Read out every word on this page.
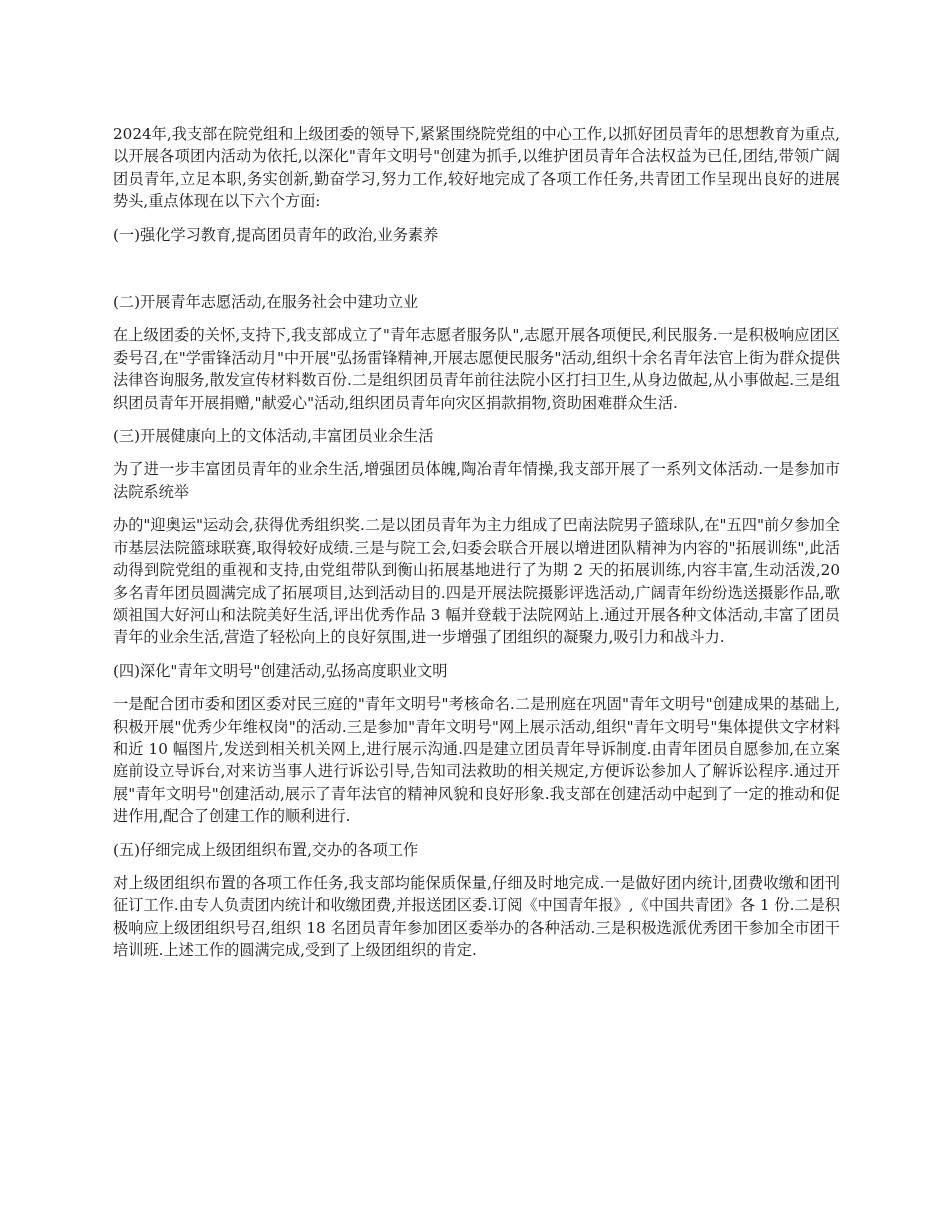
2024年,我支部在院党组和上级团委的领导下,紧紧围绕院党组的中心工作,以抓好团员青年的思想教育为重点,以开展各项团内活动为依托,以深化"青年文明号"创建为抓手,以维护团员青年合法权益为已任,团结,带领广阔团员青年,立足本职,务实创新,勤奋学习,努力工作,较好地完成了各项工作任务,共青团工作呈现出良好的进展势头,重点体现在以下六个方面:

(一)强化学习教育,提高团员青年的政治,业务素养

(二)开展青年志愿活动,在服务社会中建功立业

在上级团委的关怀,支持下,我支部成立了"青年志愿者服务队",志愿开展各项便民,利民服务.一是积极响应团区委号召,在"学雷锋活动月"中开展"弘扬雷锋精神,开展志愿便民服务"活动,组织十余名青年法官上街为群众提供法律咨询服务,散发宣传材料数百份.二是组织团员青年前往法院小区打扫卫生,从身边做起,从小事做起.三是组织团员青年开展捐赠,"献爱心"活动,组织团员青年向灾区捐款捐物,资助困难群众生活.

(三)开展健康向上的文体活动,丰富团员业余生活

为了进一步丰富团员青年的业余生活,增强团员体魄,陶冶青年情操,我支部开展了一系列文体活动.一是参加市法院系统举

办的"迎奥运"运动会,获得优秀组织奖.二是以团员青年为主力组成了巴南法院男子篮球队,在"五四"前夕参加全市基层法院篮球联赛,取得较好成绩.三是与院工会,妇委会联合开展以增进团队精神为内容的"拓展训练",此活动得到院党组的重视和支持,由党组带队到衡山拓展基地进行了为期 2 天的拓展训练,内容丰富,生动活泼,20 多名青年团员圆满完成了拓展项目,达到活动目的.四是开展法院摄影评选活动,广阔青年纷纷选送摄影作品,歌颂祖国大好河山和法院美好生活,评出优秀作品 3 幅并登载于法院网站上.通过开展各种文体活动,丰富了团员青年的业余生活,营造了轻松向上的良好氛围,进一步增强了团组织的凝聚力,吸引力和战斗力.

(四)深化"青年文明号"创建活动,弘扬高度职业文明

一是配合团市委和团区委对民三庭的"青年文明号"考核命名.二是刑庭在巩固"青年文明号"创建成果的基础上,积极开展"优秀少年维权岗"的活动.三是参加"青年文明号"网上展示活动,组织"青年文明号"集体提供文字材料和近 10 幅图片,发送到相关机关网上,进行展示沟通.四是建立团员青年导诉制度.由青年团员自愿参加,在立案庭前设立导诉台,对来访当事人进行诉讼引导,告知司法救助的相关规定,方便诉讼参加人了解诉讼程序.通过开展"青年文明号"创建活动,展示了青年法官的精神风貌和良好形象.我支部在创建活动中起到了一定的推动和促进作用,配合了创建工作的顺利进行.

(五)仔细完成上级团组织布置,交办的各项工作

对上级团组织布置的各项工作任务,我支部均能保质保量,仔细及时地完成.一是做好团内统计,团费收缴和团刊征订工作.由专人负责团内统计和收缴团费,并报送团区委.订阅《中国青年报》,《中国共青团》各 1 份.二是积极响应上级团组织号召,组织 18 名团员青年参加团区委举办的各种活动.三是积极选派优秀团干参加全市团干培训班.上述工作的圆满完成,受到了上级团组织的肯定.
